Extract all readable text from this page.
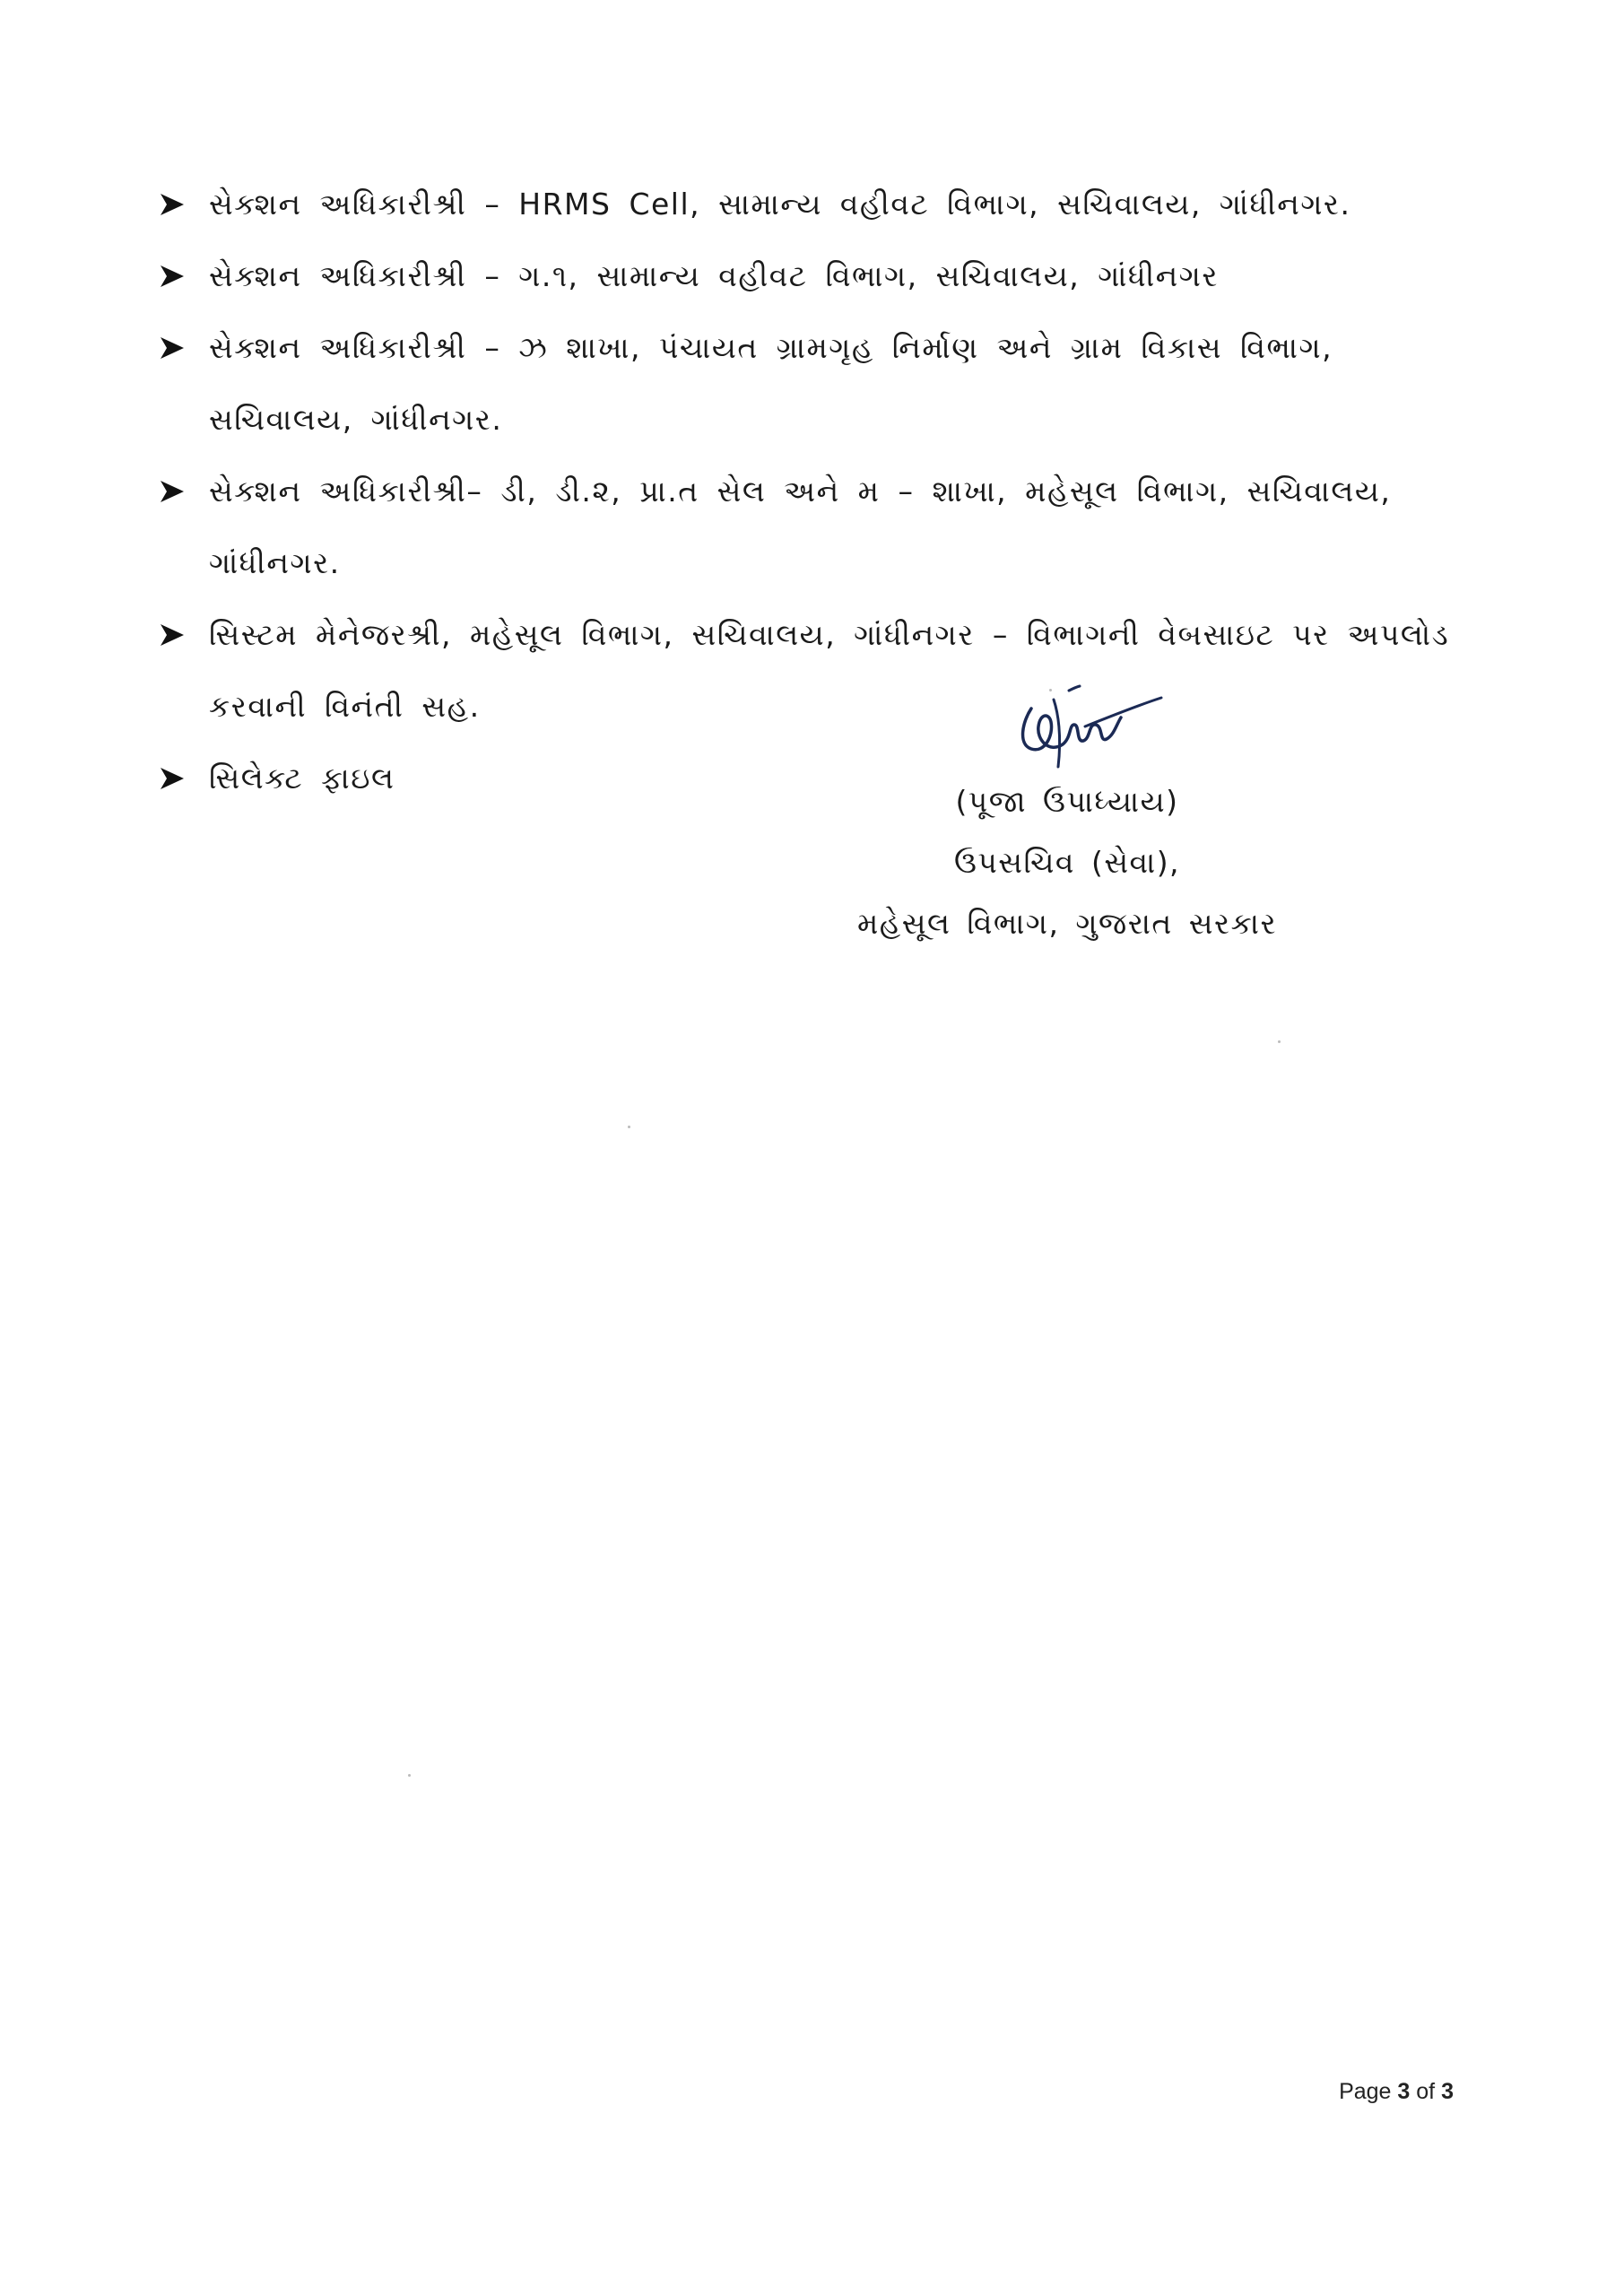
સેક્શન અધિકારીશ્રી – HRMS Cell, સામાન્ય વહીવટ વિભાગ, સચિવાલય, ગાંધીનગર.
સેક્શન અધિકારીશ્રી – ગ.૧, સામાન્ય વહીવટ વિભાગ, સચિવાલય, ગાંધીનગર
સેક્શન અધિકારીશ્રી – ઝ શાખા, પંચાયત ગ્રામગૃહ નિર્માણ અને ગ્રામ વિકાસ વિભાગ, સચિવાલય, ગાંધીનગર.
સેક્શન અધિકારીશ્રી– ડી, ડી.૨, પ્રા.ત સેલ અને મ – શાખા, મહેસૂલ વિભાગ, સચિવાલય, ગાંધીનગર.
સિસ્ટમ મેનેજરશ્રી, મહેસૂલ વિભાગ, સચિવાલય, ગાંધીનગર – વિભાગની વેબસાઇટ પર અપલોડ કરવાની વિનંતી સહ.
સિલેક્ટ ફાઇલ

(પૂજા ઉપાધ્યાય)

ઉપસચિવ (સેવા),

મહેસૂલ વિભાગ, ગુજરાત સરકાર

Page 3 of 3
